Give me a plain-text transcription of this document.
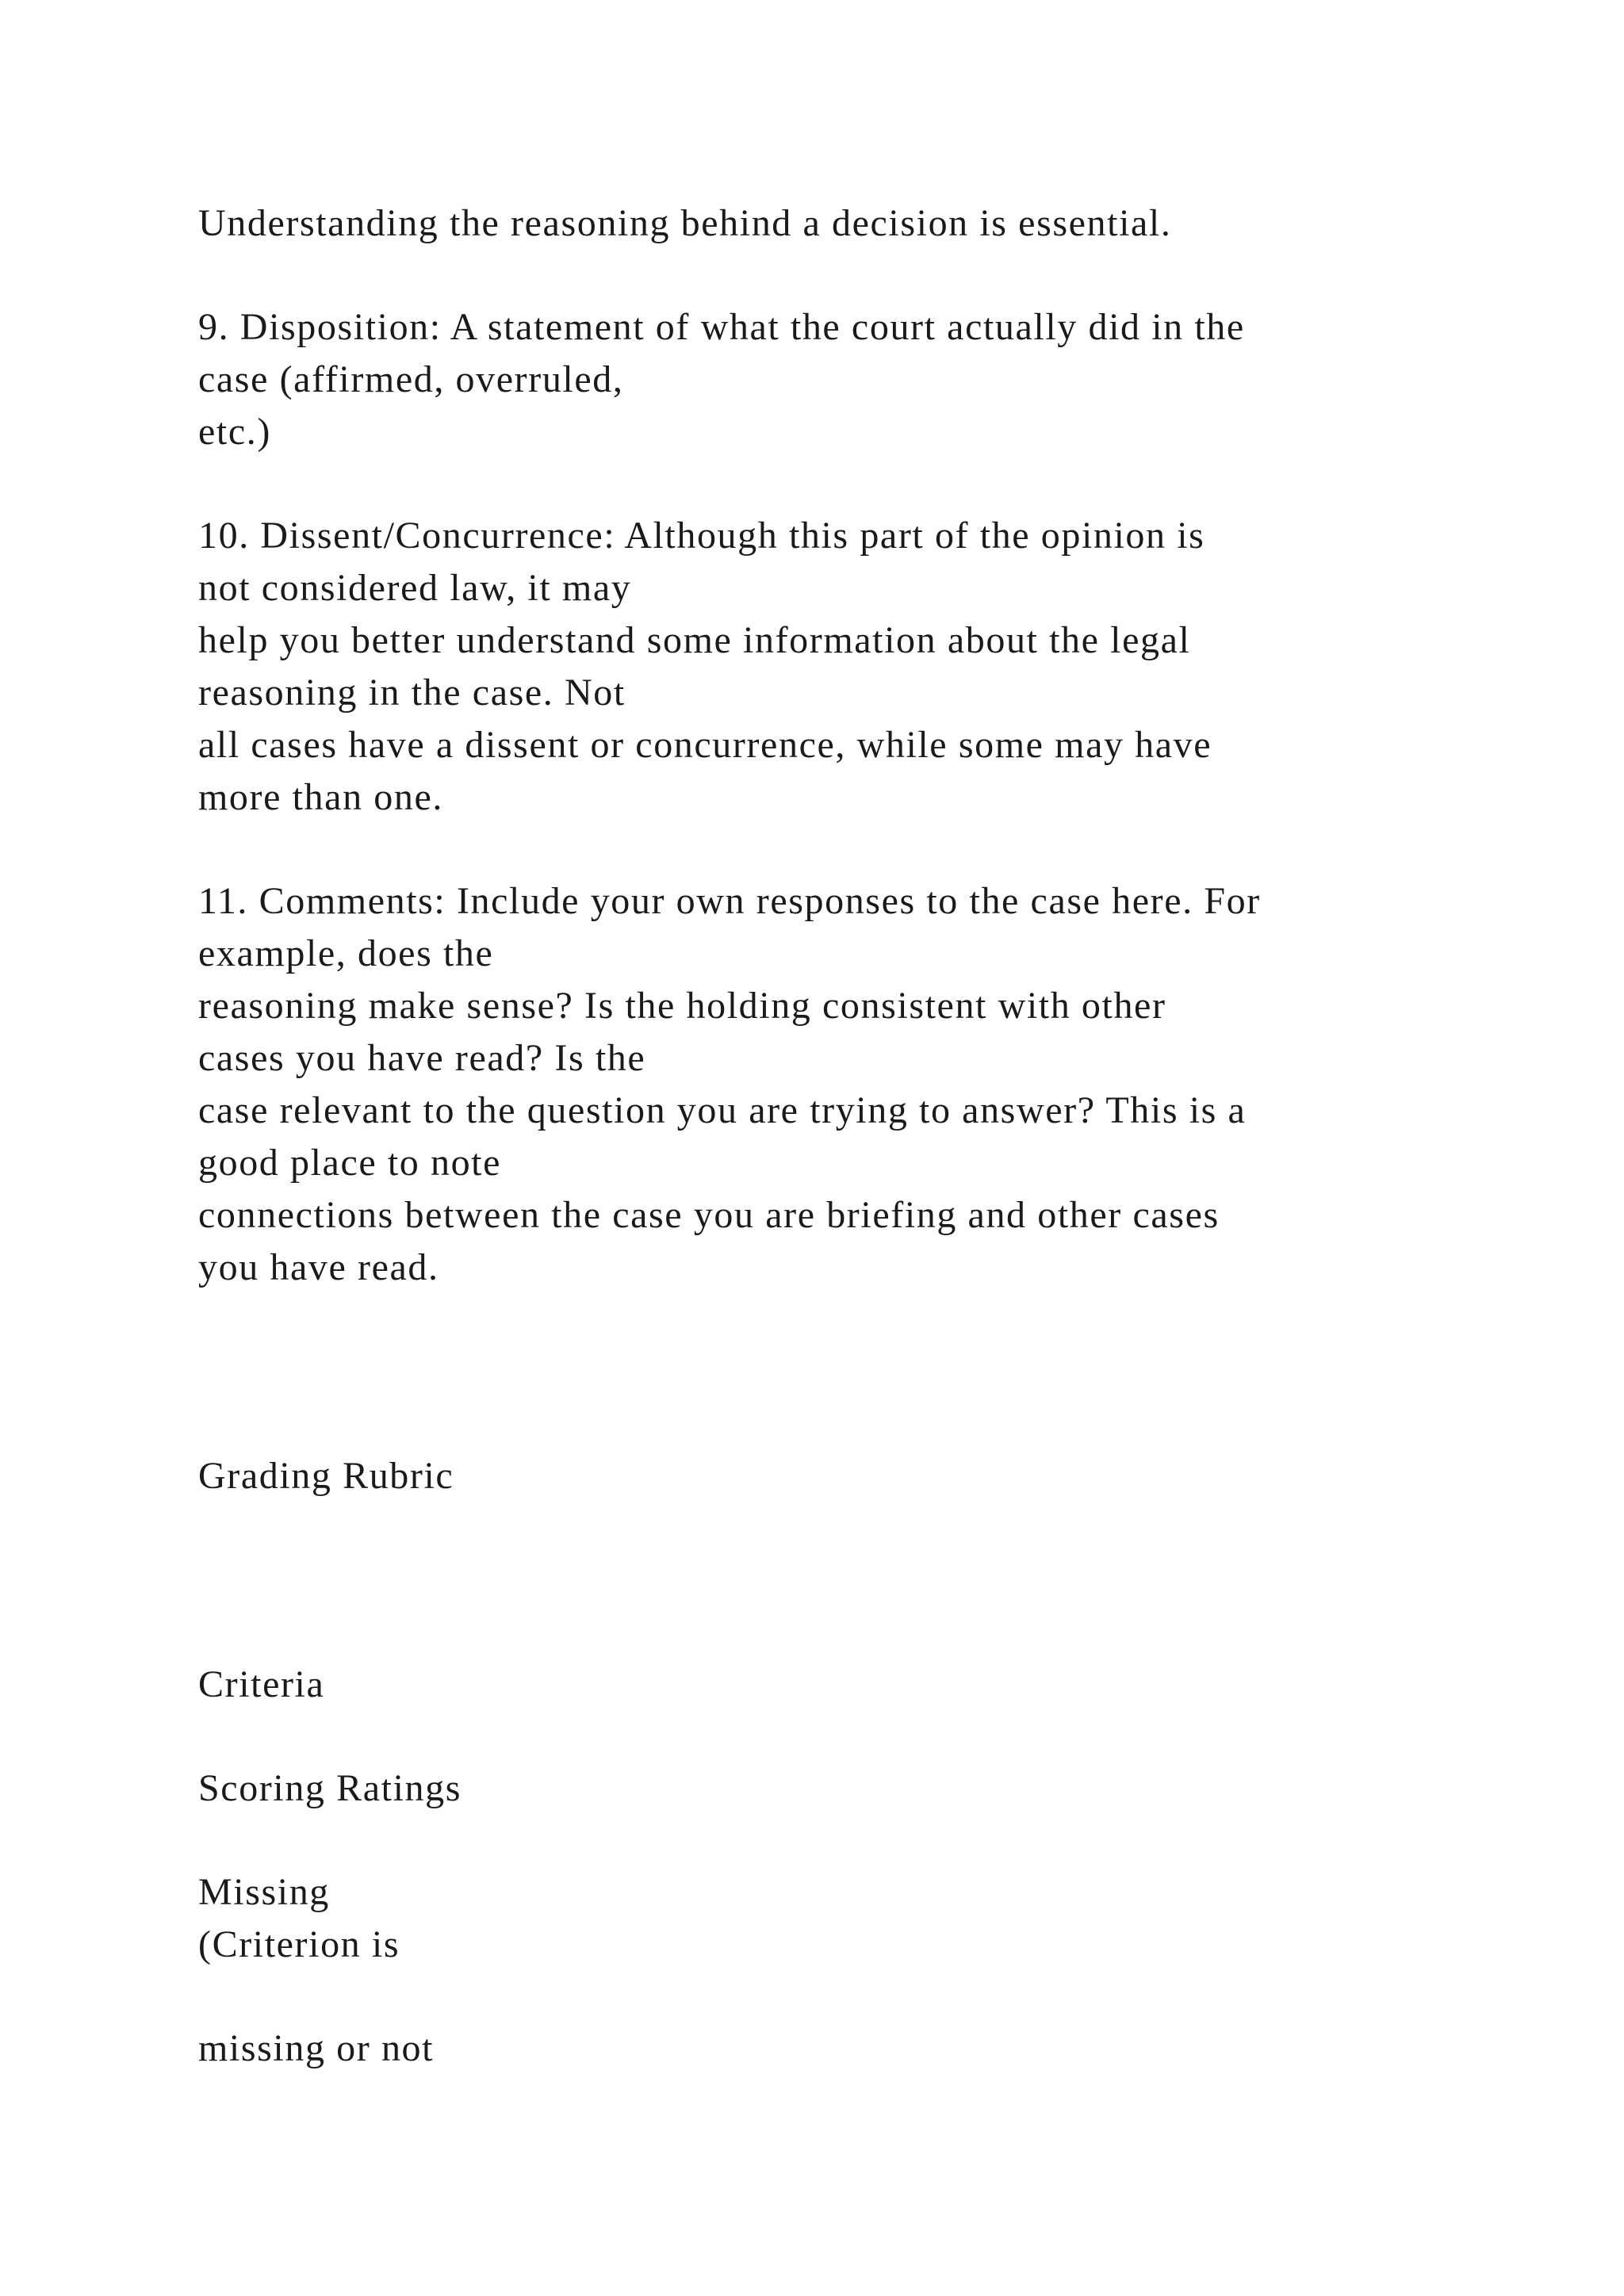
Understanding the reasoning behind a decision is essential.

9. Disposition: A statement of what the court actually did in the

case (affirmed, overruled,

etc.)

10. Dissent/Concurrence: Although this part of the opinion is

not considered law, it may

help you better understand some information about the legal

reasoning in the case. Not

all cases have a dissent or concurrence, while some may have

more than one.

11. Comments: Include your own responses to the case here. For

example, does the

reasoning make sense? Is the holding consistent with other

cases you have read? Is the

case relevant to the question you are trying to answer? This is a

good place to note

connections between the case you are briefing and other cases

you have read.

Grading Rubric

Criteria

Scoring Ratings

Missing

(Criterion is

missing or not
